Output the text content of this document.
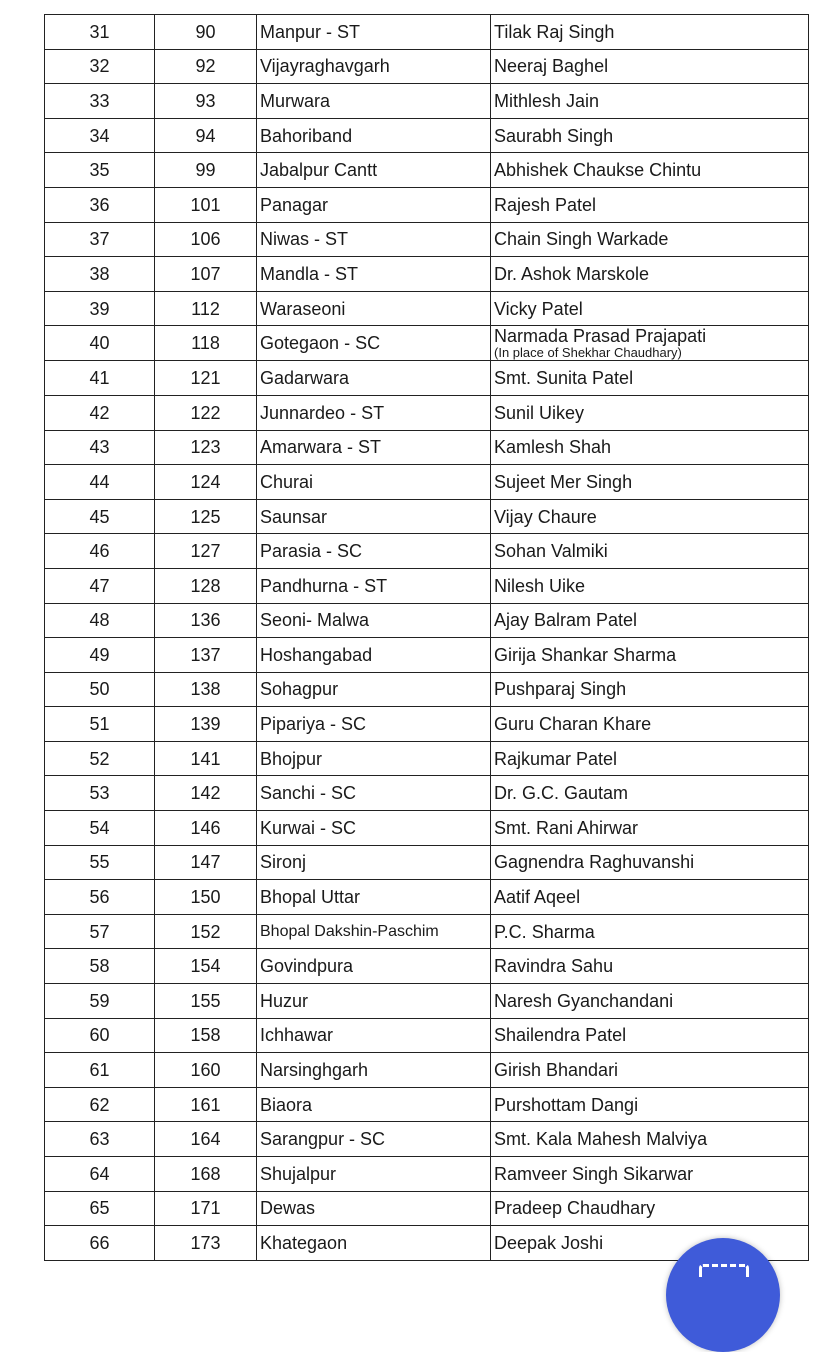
31	90	Manpur - ST	Tilak Raj Singh
32	92	Vijayraghavgarh	Neeraj Baghel
33	93	Murwara	Mithlesh Jain
34	94	Bahoriband	Saurabh Singh
35	99	Jabalpur Cantt	Abhishek Chaukse Chintu
36	101	Panagar	Rajesh Patel
37	106	Niwas - ST	Chain Singh Warkade
38	107	Mandla - ST	Dr. Ashok Marskole
39	112	Waraseoni	Vicky Patel
40	118	Gotegaon - SC	Narmada Prasad Prajapati
(In place of Shekhar Chaudhary)

41	121	Gadarwara	Smt. Sunita Patel
42	122	Junnardeo - ST	Sunil Uikey
43	123	Amarwara - ST	Kamlesh Shah
44	124	Churai	Sujeet Mer Singh
45	125	Saunsar	Vijay Chaure
46	127	Parasia - SC	Sohan Valmiki
47	128	Pandhurna - ST	Nilesh Uike
48	136	Seoni- Malwa	Ajay Balram Patel
49	137	Hoshangabad	Girija Shankar Sharma
50	138	Sohagpur	Pushparaj Singh
51	139	Pipariya - SC	Guru Charan Khare
52	141	Bhojpur	Rajkumar Patel
53	142	Sanchi - SC	Dr. G.C. Gautam
54	146	Kurwai - SC	Smt. Rani Ahirwar
55	147	Sironj	Gagnendra Raghuvanshi
56	150	Bhopal Uttar	Aatif Aqeel
57	152	Bhopal Dakshin-Paschim	P.C. Sharma
58	154	Govindpura	Ravindra Sahu
59	155	Huzur	Naresh Gyanchandani
60	158	Ichhawar	Shailendra Patel
61	160	Narsinghgarh	Girish Bhandari
62	161	Biaora	Purshottam Dangi
63	164	Sarangpur - SC	Smt. Kala Mahesh Malviya
64	168	Shujalpur	Ramveer Singh Sikarwar
65	171	Dewas	Pradeep Chaudhary
66	173	Khategaon	Deepak Joshi
